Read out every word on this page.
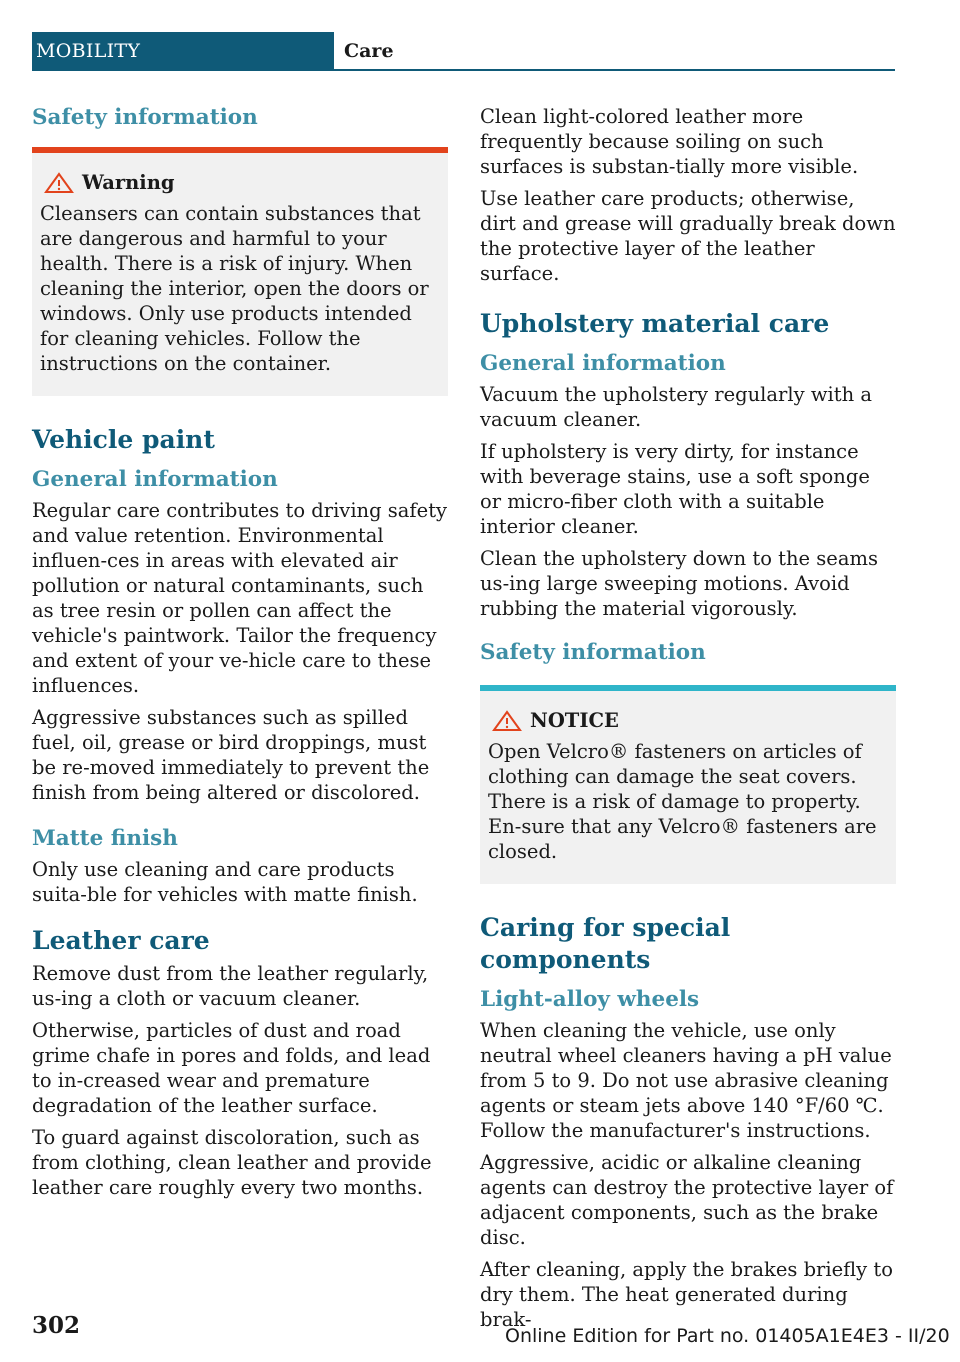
MOBILITY	Care
Safety information
Warning

Cleansers can contain substances that are dangerous and harmful to your health. There is a risk of injury. When cleaning the interior, open the doors or windows. Only use products intended for cleaning vehicles. Follow the instructions on the container.

Vehicle paint
General information

Regular care contributes to driving safety and value retention. Environmental influen-ces in areas with elevated air pollution or natural contaminants, such as tree resin or pollen can affect the vehicle's paintwork. Tailor the frequency and extent of your ve-hicle care to these influences.

Aggressive substances such as spilled fuel, oil, grease or bird droppings, must be re-moved immediately to prevent the finish from being altered or discolored.

Matte finish

Only use cleaning and care products suita-ble for vehicles with matte finish.

Leather care

Remove dust from the leather regularly, us-ing a cloth or vacuum cleaner.

Otherwise, particles of dust and road grime chafe in pores and folds, and lead to in-creased wear and premature degradation of the leather surface.

To guard against discoloration, such as from clothing, clean leather and provide leather care roughly every two months.

Clean light-colored leather more frequently because soiling on such surfaces is substan-tially more visible.

Use leather care products; otherwise, dirt and grease will gradually break down the protective layer of the leather surface.

Upholstery material care
General information

Vacuum the upholstery regularly with a vacuum cleaner.

If upholstery is very dirty, for instance with beverage stains, use a soft sponge or micro-fiber cloth with a suitable interior cleaner.

Clean the upholstery down to the seams us-ing large sweeping motions. Avoid rubbing the material vigorously.

Safety information
NOTICE

Open Velcro® fasteners on articles of clothing can damage the seat covers. There is a risk of damage to property. En-sure that any Velcro® fasteners are closed.

Caring for special components
Light-alloy wheels

When cleaning the vehicle, use only neutral wheel cleaners having a pH value from 5 to 9. Do not use abrasive cleaning agents or steam jets above 140 °F/60 ℃. Follow the manufacturer's instructions.

Aggressive, acidic or alkaline cleaning agents can destroy the protective layer of adjacent components, such as the brake disc.

After cleaning, apply the brakes briefly to dry them. The heat generated during brak-

302	Online Edition for Part no. 01405A1E4E3 - II/20
